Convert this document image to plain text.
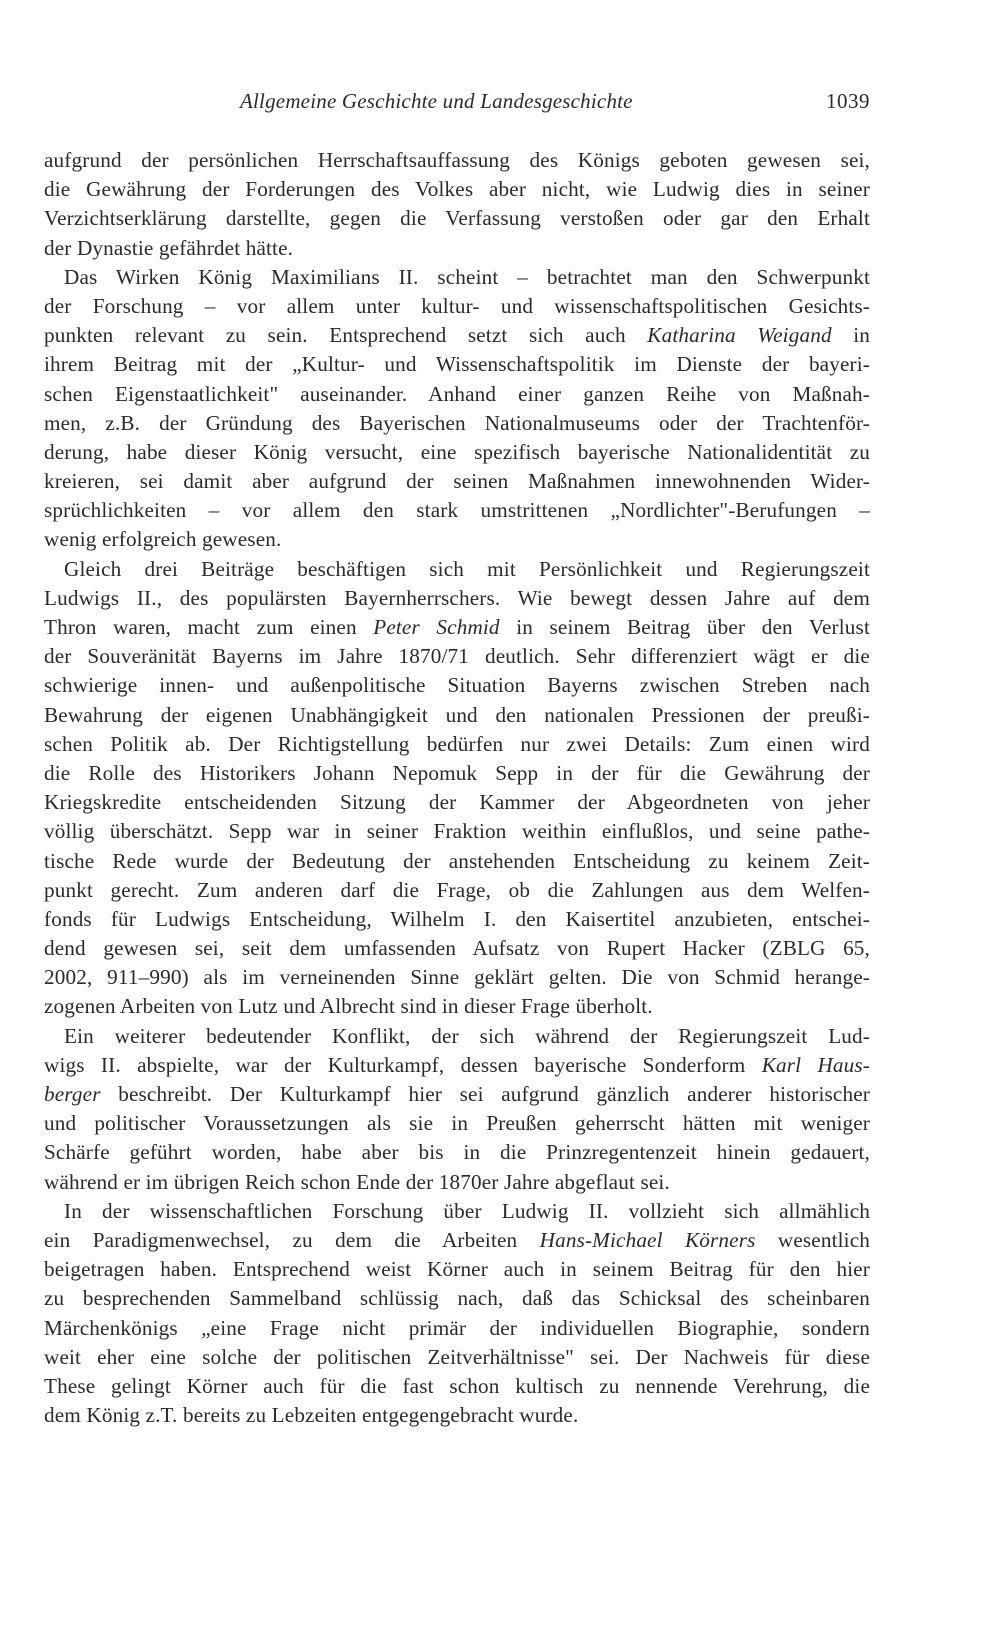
Allgemeine Geschichte und Landesgeschichte	1039
aufgrund der persönlichen Herrschaftsauffassung des Königs geboten gewesen sei,
die Gewährung der Forderungen des Volkes aber nicht, wie Ludwig dies in seiner
Verzichtserklärung darstellte, gegen die Verfassung verstoßen oder gar den Erhalt
der Dynastie gefährdet hätte.
Das Wirken König Maximilians II. scheint – betrachtet man den Schwerpunkt
der Forschung – vor allem unter kultur- und wissenschaftspolitischen Gesichts-
punkten relevant zu sein. Entsprechend setzt sich auch Katharina Weigand in
ihrem Beitrag mit der „Kultur- und Wissenschaftspolitik im Dienste der bayeri-
schen Eigenstaatlichkeit" auseinander. Anhand einer ganzen Reihe von Maßnah-
men, z.B. der Gründung des Bayerischen Nationalmuseums oder der Trachtenför-
derung, habe dieser König versucht, eine spezifisch bayerische Nationalidentität zu
kreieren, sei damit aber aufgrund der seinen Maßnahmen innewohnenden Wider-
sprüchlichkeiten – vor allem den stark umstrittenen „Nordlichter"-Berufungen –
wenig erfolgreich gewesen.
Gleich drei Beiträge beschäftigen sich mit Persönlichkeit und Regierungszeit
Ludwigs II., des populärsten Bayernherrschers. Wie bewegt dessen Jahre auf dem
Thron waren, macht zum einen Peter Schmid in seinem Beitrag über den Verlust
der Souveränität Bayerns im Jahre 1870/71 deutlich. Sehr differenziert wägt er die
schwierige innen- und außenpolitische Situation Bayerns zwischen Streben nach
Bewahrung der eigenen Unabhängigkeit und den nationalen Pressionen der preußi-
schen Politik ab. Der Richtigstellung bedürfen nur zwei Details: Zum einen wird
die Rolle des Historikers Johann Nepomuk Sepp in der für die Gewährung der
Kriegskredite entscheidenden Sitzung der Kammer der Abgeordneten von jeher
völlig überschätzt. Sepp war in seiner Fraktion weithin einflußlos, und seine pathe-
tische Rede wurde der Bedeutung der anstehenden Entscheidung zu keinem Zeit-
punkt gerecht. Zum anderen darf die Frage, ob die Zahlungen aus dem Welfen-
fonds für Ludwigs Entscheidung, Wilhelm I. den Kaisertitel anzubieten, entschei-
dend gewesen sei, seit dem umfassenden Aufsatz von Rupert Hacker (ZBLG 65,
2002, 911–990) als im verneinenden Sinne geklärt gelten. Die von Schmid herange-
zogenen Arbeiten von Lutz und Albrecht sind in dieser Frage überholt.
Ein weiterer bedeutender Konflikt, der sich während der Regierungszeit Lud-
wigs II. abspielte, war der Kulturkampf, dessen bayerische Sonderform Karl Haus-
berger beschreibt. Der Kulturkampf hier sei aufgrund gänzlich anderer historischer
und politischer Voraussetzungen als sie in Preußen geherrscht hätten mit weniger
Schärfe geführt worden, habe aber bis in die Prinzregentenzeit hinein gedauert,
während er im übrigen Reich schon Ende der 1870er Jahre abgeflaut sei.
In der wissenschaftlichen Forschung über Ludwig II. vollzieht sich allmählich
ein Paradigmenwechsel, zu dem die Arbeiten Hans-Michael Körners wesentlich
beigetragen haben. Entsprechend weist Körner auch in seinem Beitrag für den hier
zu besprechenden Sammelband schlüssig nach, daß das Schicksal des scheinbaren
Märchenkönigs „eine Frage nicht primär der individuellen Biographie, sondern
weit eher eine solche der politischen Zeitverhältnisse" sei. Der Nachweis für diese
These gelingt Körner auch für die fast schon kultisch zu nennende Verehrung, die
dem König z.T. bereits zu Lebzeiten entgegengebracht wurde.
